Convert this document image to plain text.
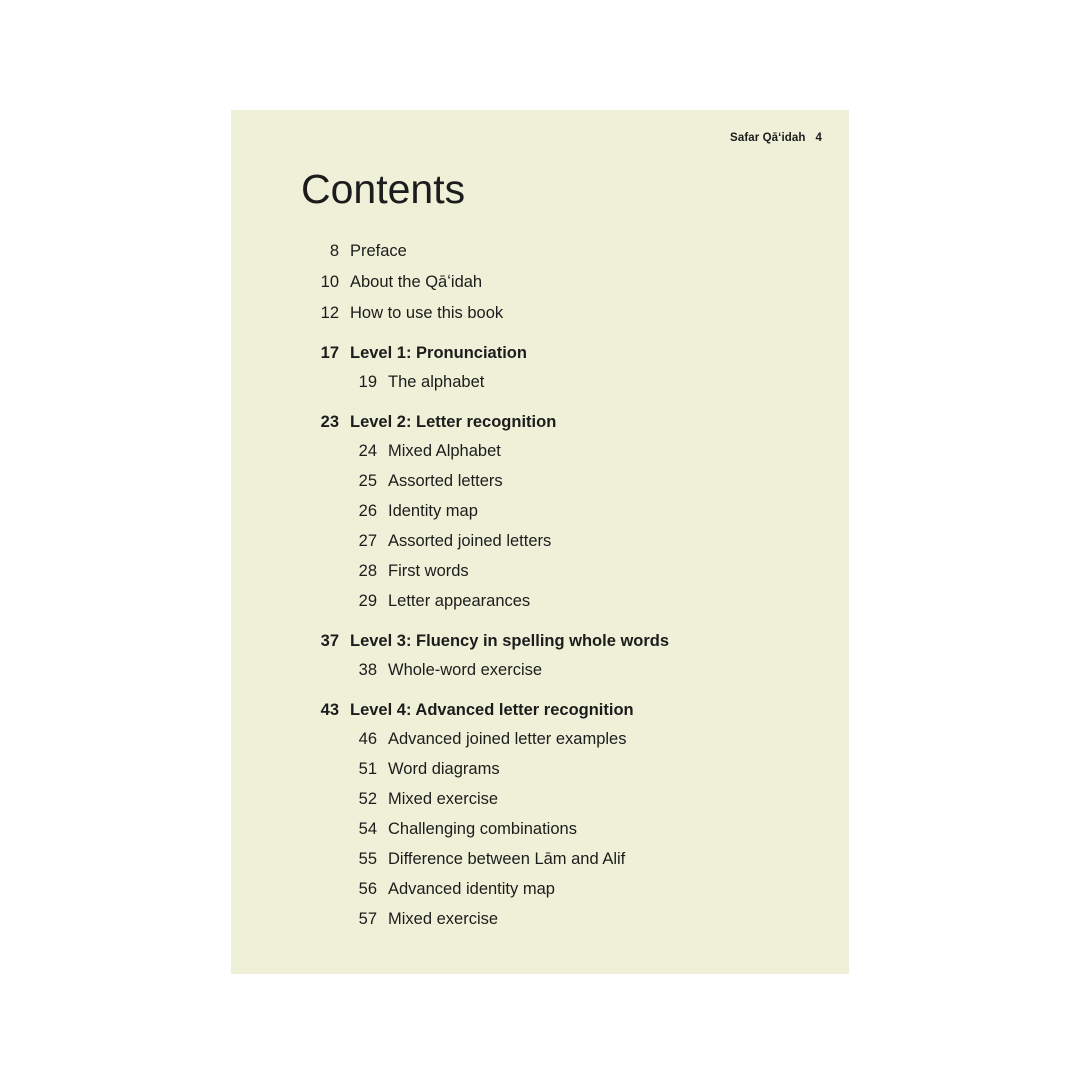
Safar Qāʻidah 4
Contents
8 Preface
10 About the Qāʻidah
12 How to use this book
17 Level 1: Pronunciation
19 The alphabet
23 Level 2: Letter recognition
24 Mixed Alphabet
25 Assorted letters
26 Identity map
27 Assorted joined letters
28 First words
29 Letter appearances
37 Level 3: Fluency in spelling whole words
38 Whole-word exercise
43 Level 4: Advanced letter recognition
46 Advanced joined letter examples
51 Word diagrams
52 Mixed exercise
54 Challenging combinations
55 Difference between Lām and Alif
56 Advanced identity map
57 Mixed exercise
